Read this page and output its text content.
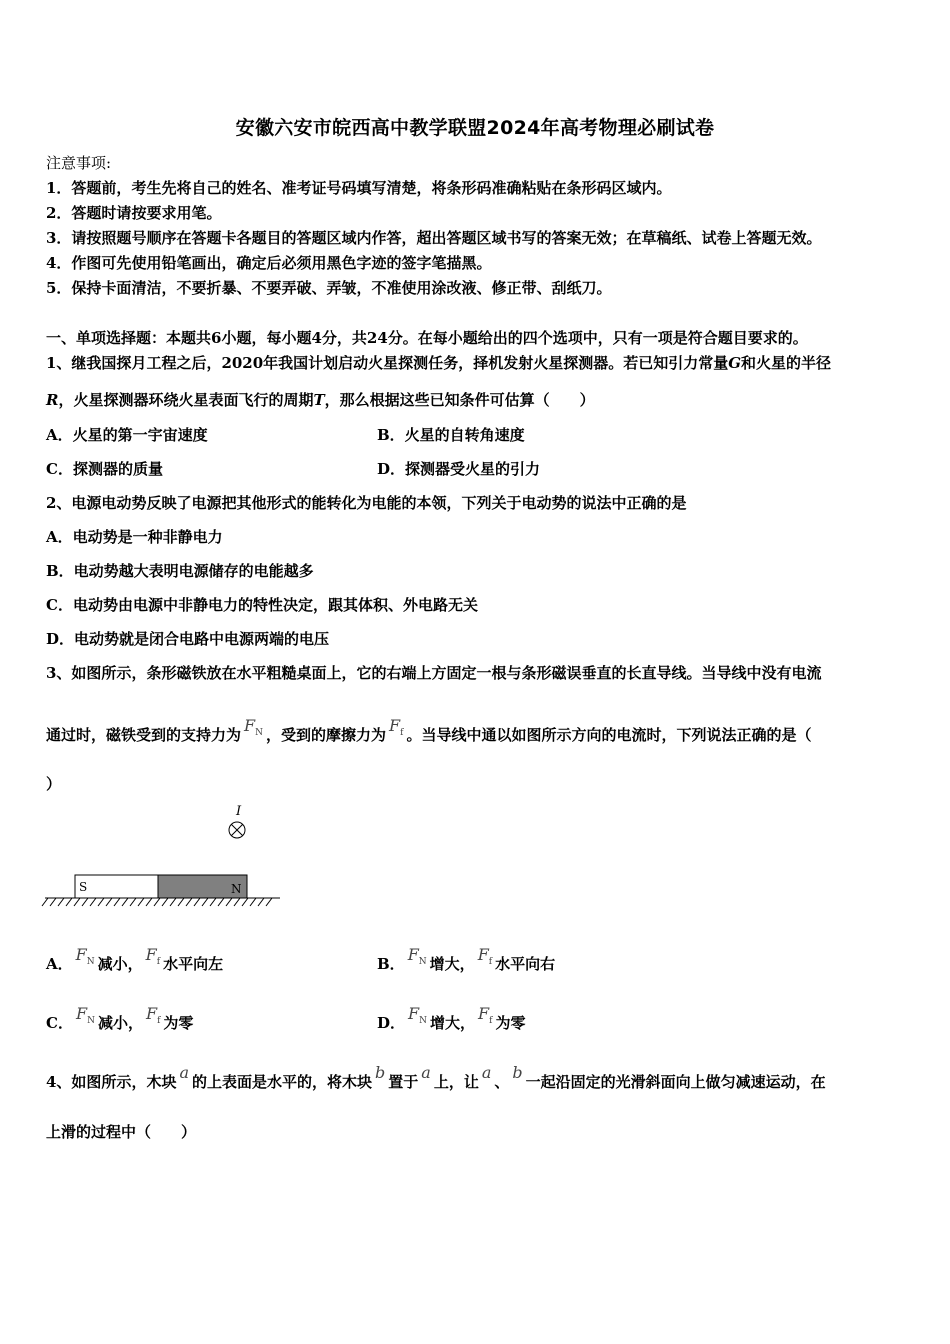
安徽六安市皖西高中教学联盟2024年高考物理必刷试卷
注意事项:
1．答题前，考生先将自己的姓名、准考证号码填写清楚，将条形码准确粘贴在条形码区域内。
2．答题时请按要求用笔。
3．请按照题号顺序在答题卡各题目的答题区域内作答，超出答题区域书写的答案无效；在草稿纸、试卷上答题无效。
4．作图可先使用铅笔画出，确定后必须用黑色字迹的签字笔描黑。
5．保持卡面清洁，不要折暴、不要弄破、弄皱，不准使用涂改液、修正带、刮纸刀。
一、单项选择题：本题共6小题，每小题4分，共24分。在每小题给出的四个选项中，只有一项是符合题目要求的。
1、继我国探月工程之后，2020年我国计划启动火星探测任务，择机发射火星探测器。若已知引力常量G和火星的半径
R，火星探测器环绕火星表面飞行的周期T，那么根据这些已知条件可估算（　　）
A．火星的第一宇宙速度	B．火星的自转角速度
C．探测器的质量	D．探测器受火星的引力
2、电源电动势反映了电源把其他形式的能转化为电能的本领，下列关于电动势的说法中正确的是
A．电动势是一种非静电力
B．电动势越大表明电源储存的电能越多
C．电动势由电源中非静电力的特性决定，跟其体积、外电路无关
D．电动势就是闭合电路中电源两端的电压
3、如图所示，条形磁铁放在水平粗糙桌面上，它的右端上方固定一根与条形磁误垂直的长直导线。当导线中没有电流
通过时，磁铁受到的支持力为 $F_N$ ，受到的摩擦力为 $F_f$ 。当导线中通以如图所示方向的电流时，下列说法正确的是（
）
I
S	N
A． $F_N$ 减小， $F_f$ 水平向左	B． $F_N$ 增大， $F_f$ 水平向右
C． $F_N$ 减小， $F_f$ 为零	D． $F_N$ 增大， $F_f$ 为零
4、如图所示，木块 a 的上表面是水平的，将木块 b 置于 a 上，让 a 、 b 一起沿固定的光滑斜面向上做匀减速运动，在
上滑的过程中（　　）
